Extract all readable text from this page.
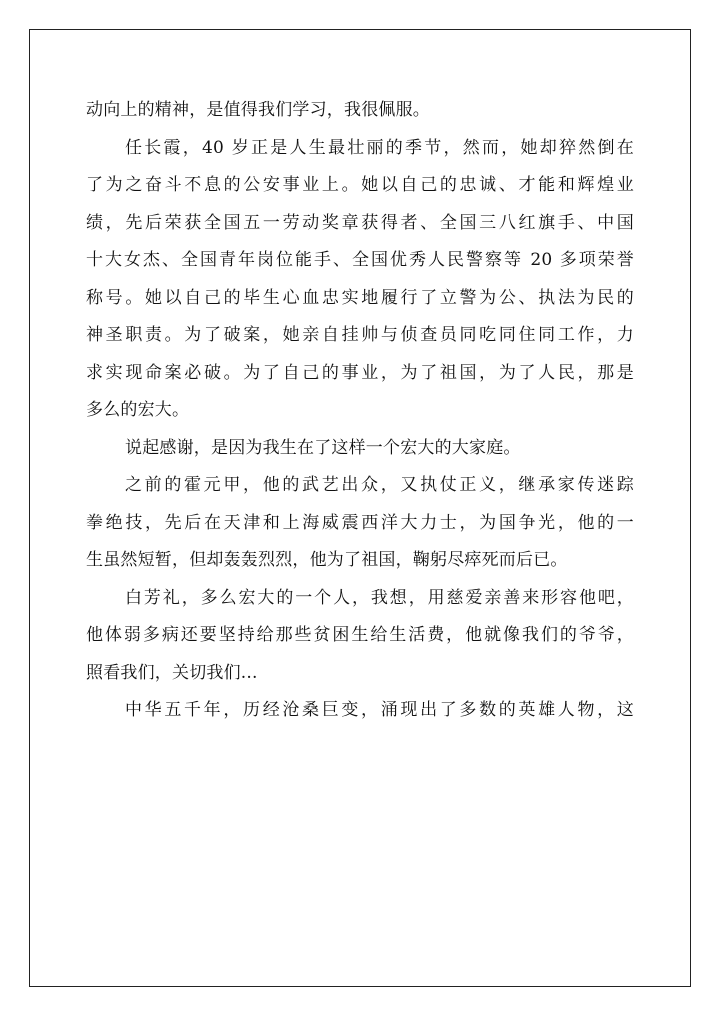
动向上的精神，是值得我们学习，我很佩服。
任长霞，40 岁正是人生最壮丽的季节，然而，她却猝然倒在
了为之奋斗不息的公安事业上。她以自己的忠诚、才能和辉煌业
绩，先后荣获全国五一劳动奖章获得者、全国三八红旗手、中国
十大女杰、全国青年岗位能手、全国优秀人民警察等 20 多项荣誉
称号。她以自己的毕生心血忠实地履行了立警为公、执法为民的
神圣职责。为了破案，她亲自挂帅与侦查员同吃同住同工作，力
求实现命案必破。为了自己的事业，为了祖国，为了人民，那是
多么的宏大。
说起感谢，是因为我生在了这样一个宏大的大家庭。
之前的霍元甲，他的武艺出众，又执仗正义，继承家传迷踪
拳绝技，先后在天津和上海威震西洋大力士，为国争光，他的一
生虽然短暂，但却轰轰烈烈，他为了祖国，鞠躬尽瘁死而后已。
白芳礼，多么宏大的一个人，我想，用慈爱亲善来形容他吧，
他体弱多病还要坚持给那些贫困生给生活费，他就像我们的爷爷，
照看我们，关切我们...
中华五千年，历经沧桑巨变，涌现出了多数的英雄人物，这
